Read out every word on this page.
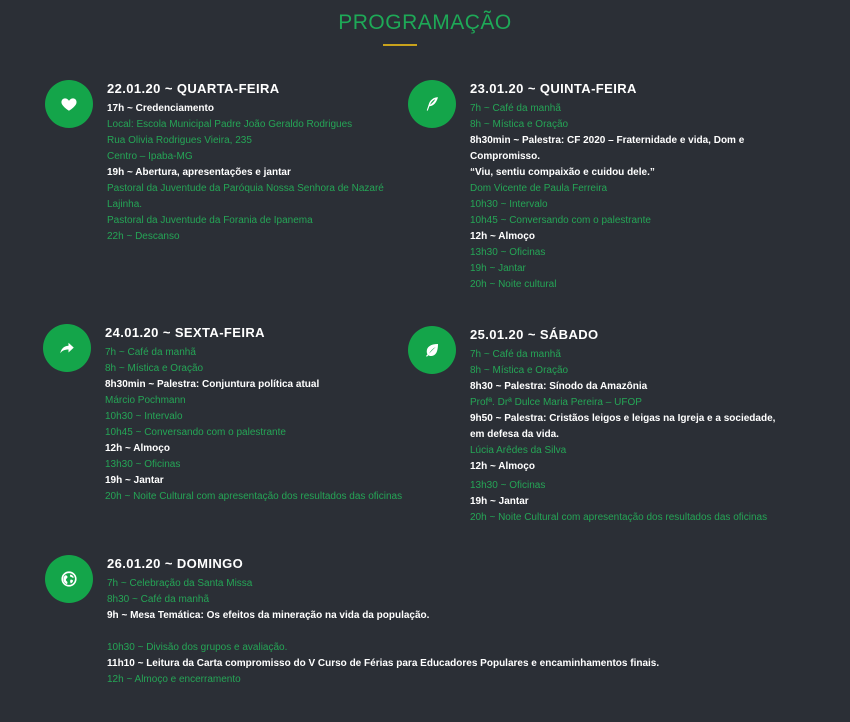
PROGRAMAÇÃO
22.01.20 ~ QUARTA-FEIRA
17h ~ Credenciamento
Local: Escola Municipal Padre João Geraldo Rodrigues
Rua Olivia Rodrigues Vieira, 235
Centro – Ipaba-MG
19h ~ Abertura, apresentações e jantar
Pastoral da Juventude da Paróquia Nossa Senhora de Nazaré
Lajinha.
Pastoral da Juventude da Forania de Ipanema
22h ~ Descanso
23.01.20 ~ QUINTA-FEIRA
7h ~ Café da manhã
8h ~ Mística e Oração
8h30min ~ Palestra: CF 2020 – Fraternidade e vida, Dom e
Compromisso.
“Viu, sentiu compaixão e cuidou dele.”
Dom Vicente de Paula Ferreira
10h30 ~ Intervalo
10h45 ~ Conversando com o palestrante
12h ~ Almoço
13h30 ~ Oficinas
19h ~ Jantar
20h ~ Noite cultural
24.01.20 ~ SEXTA-FEIRA
7h ~ Café da manhã
8h ~ Mística e Oração
8h30min ~ Palestra: Conjuntura política atual
Márcio Pochmann
10h30 ~ Intervalo
10h45 ~ Conversando com o palestrante
12h ~ Almoço
13h30 ~ Oficinas
19h ~ Jantar
20h ~ Noite Cultural com apresentação dos resultados das oficinas
25.01.20 ~ SÁBADO
7h ~ Café da manhã
8h ~ Mística e Oração
8h30 ~ Palestra: Sínodo da Amazônia
Profª. Drª Dulce Maria Pereira – UFOP
9h50 ~ Palestra: Cristãos leigos e leigas na Igreja e a sociedade,
em defesa da vida.
Lúcia Arêdes da Silva
12h ~ Almoço
13h30 ~ Oficinas
19h ~ Jantar
20h ~ Noite Cultural com apresentação dos resultados das oficinas
26.01.20 ~ DOMINGO
7h ~ Celebração da Santa Missa
8h30 ~ Café da manhã
9h ~ Mesa Temática: Os efeitos da mineração na vida da população.
10h30 ~ Divisão dos grupos e avaliação.
11h10 ~ Leitura da Carta compromisso do V Curso de Férias para Educadores Populares e encaminhamentos finais.
12h ~ Almoço e encerramento
